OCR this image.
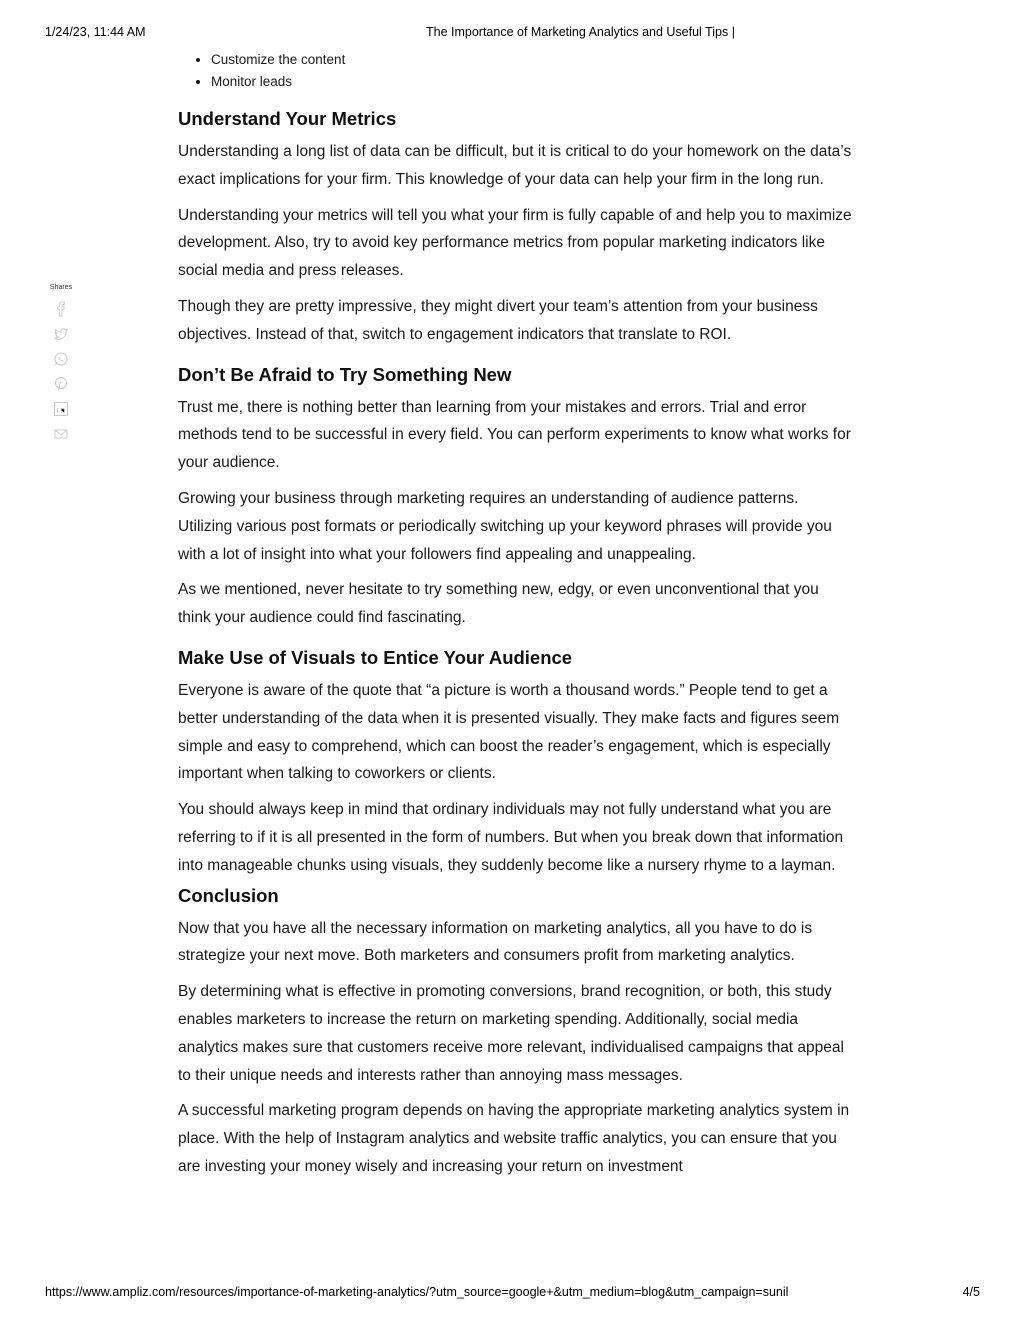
1/24/23, 11:44 AM	The Importance of Marketing Analytics and Useful Tips |
Shares
• Customize the content
• Monitor leads
Understand Your Metrics

Understanding a long list of data can be difficult, but it is critical to do your homework on the data’s exact implications for your firm. This knowledge of your data can help your firm in the long run.

Understanding your metrics will tell you what your firm is fully capable of and help you to maximize development. Also, try to avoid key performance metrics from popular marketing indicators like social media and press releases.

Though they are pretty impressive, they might divert your team’s attention from your business objectives. Instead of that, switch to engagement indicators that translate to ROI.

Don’t Be Afraid to Try Something New

Trust me, there is nothing better than learning from your mistakes and errors. Trial and error methods tend to be successful in every field. You can perform experiments to know what works for your audience.

Growing your business through marketing requires an understanding of audience patterns. Utilizing various post formats or periodically switching up your keyword phrases will provide you with a lot of insight into what your followers find appealing and unappealing.

As we mentioned, never hesitate to try something new, edgy, or even unconventional that you think your audience could find fascinating.

Make Use of Visuals to Entice Your Audience

Everyone is aware of the quote that “a picture is worth a thousand words.” People tend to get a better understanding of the data when it is presented visually. They make facts and figures seem simple and easy to comprehend, which can boost the reader’s engagement, which is especially important when talking to coworkers or clients.

You should always keep in mind that ordinary individuals may not fully understand what you are referring to if it is all presented in the form of numbers. But when you break down that information into manageable chunks using visuals, they suddenly become like a nursery rhyme to a layman.

Conclusion

Now that you have all the necessary information on marketing analytics, all you have to do is strategize your next move. Both marketers and consumers profit from marketing analytics.

By determining what is effective in promoting conversions, brand recognition, or both, this study enables marketers to increase the return on marketing spending. Additionally, social media analytics makes sure that customers receive more relevant, individualised campaigns that appeal to their unique needs and interests rather than annoying mass messages.

A successful marketing program depends on having the appropriate marketing analytics system in place. With the help of Instagram analytics and website traffic analytics, you can ensure that you are investing your money wisely and increasing your return on investment

https://www.ampliz.com/resources/importance-of-marketing-analytics/?utm_source=google+&utm_medium=blog&utm_campaign=sunil	4/5
